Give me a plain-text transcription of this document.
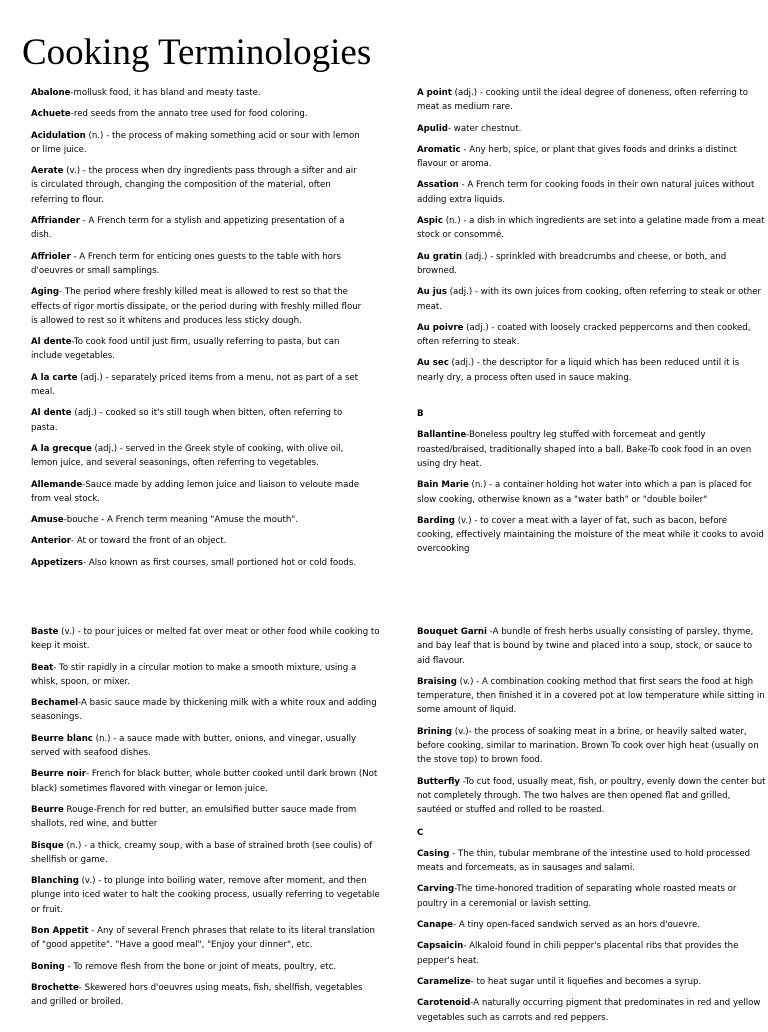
Cooking Terminologies

Abalone-mollusk food, it has bland and meaty taste.

Achuete-red seeds from the annato tree used for food coloring.

Acidulation (n.) - the process of making something acid or sour with lemon or lime juice.

Aerate (v.) - the process when dry ingredients pass through a sifter and air is circulated through, changing the composition of the material, often referring to flour.

Affriander - A French term for a stylish and appetizing presentation of a dish.

Affrioler - A French term for enticing ones guests to the table with hors d'oeuvres or small samplings.

Aging- The period where freshly killed meat is allowed to rest so that the effects of rigor mortis dissipate, or the period during with freshly milled flour is allowed to rest so it whitens and produces less sticky dough.

Al dente-To cook food until just firm, usually referring to pasta, but can include vegetables.

A la carte (adj.) - separately priced items from a menu, not as part of a set meal.

Al dente (adj.) - cooked so it's still tough when bitten, often referring to pasta.

A la grecque (adj.) - served in the Greek style of cooking, with olive oil, lemon juice, and several seasonings, often referring to vegetables.

Allemande-Sauce made by adding lemon juice and liaison to veloute made from veal stock.

Amuse-bouche - A French term meaning "Amuse the mouth".

Anterior- At or toward the front of an object.

Appetizers- Also known as first courses, small portioned hot or cold foods.

A point (adj.) - cooking until the ideal degree of doneness, often referring to meat as medium rare.

Apulid- water chestnut.

Aromatic - Any herb, spice, or plant that gives foods and drinks a distinct flavour or aroma.

Assation - A French term for cooking foods in their own natural juices without adding extra liquids.

Aspic (n.) - a dish in which ingredients are set into a gelatine made from a meat stock or consommé.

Au gratin (adj.) - sprinkled with breadcrumbs and cheese, or both, and browned.

Au jus (adj.) - with its own juices from cooking, often referring to steak or other meat.

Au poivre (adj.) - coated with loosely cracked peppercorns and then cooked, often referring to steak.

Au sec (adj.) - the descriptor for a liquid which has been reduced until it is nearly dry, a process often used in sauce making.

B

Ballantine-Boneless poultry leg stuffed with forcemeat and gently roasted/braised, traditionally shaped into a ball. Bake-To cook food in an oven using dry heat.

Bain Marie (n.) - a container holding hot water into which a pan is placed for slow cooking, otherwise known as a "water bath" or "double boiler"

Barding (v.) - to cover a meat with a layer of fat, such as bacon, before cooking, effectively maintaining the moisture of the meat while it cooks to avoid overcooking

Baste (v.) - to pour juices or melted fat over meat or other food while cooking to keep it moist.

Beat- To stir rapidly in a circular motion to make a smooth mixture, using a whisk, spoon, or mixer.

Bechamel-A basic sauce made by thickening milk with a white roux and adding seasonings.

Beurre blanc (n.) - a sauce made with butter, onions, and vinegar, usually served with seafood dishes.

Beurre noir- French for black butter, whole butter cooked until dark brown (Not black) sometimes flavored with vinegar or lemon juice.

Beurre Rouge-French for red butter, an emulsified butter sauce made from shallots, red wine, and butter

Bisque (n.) - a thick, creamy soup, with a base of strained broth (see coulis) of shellfish or game.

Blanching (v.) - to plunge into boiling water, remove after moment, and then plunge into iced water to halt the cooking process, usually referring to vegetable or fruit.

Bon Appetit - Any of several French phrases that relate to its literal translation of "good appetite". "Have a good meal", "Enjoy your dinner", etc.

Boning - To remove flesh from the bone or joint of meats, poultry, etc.

Brochette- Skewered hors d'oeuvres using meats, fish, shellfish, vegetables and grilled or broiled.

Bouquet Garni -A bundle of fresh herbs usually consisting of parsley, thyme, and bay leaf that is bound by twine and placed into a soup, stock, or sauce to aid flavour.

Braising (v.) - A combination cooking method that first sears the food at high temperature, then finished it in a covered pot at low temperature while sitting in some amount of liquid.

Brining (v.)- the process of soaking meat in a brine, or heavily salted water, before cooking, similar to marination. Brown To cook over high heat (usually on the stove top) to brown food.

Butterfly -To cut food, usually meat, fish, or poultry, evenly down the center but not completely through. The two halves are then opened flat and grilled, sautéed or stuffed and rolled to be roasted.

C

Casing - The thin, tubular membrane of the intestine used to hold processed meats and forcemeats, as in sausages and salami.

Carving-The time-honored tradition of separating whole roasted meats or poultry in a ceremonial or lavish setting.

Canape- A tiny open-faced sandwich served as an hors d'ouevre.

Capsaicin- Alkaloid found in chili pepper's placental ribs that provides the pepper's heat.

Caramelize- to heat sugar until it liquefies and becomes a syrup.

Carotenoid-A naturally occurring pigment that predominates in red and yellow vegetables such as carrots and red peppers.
